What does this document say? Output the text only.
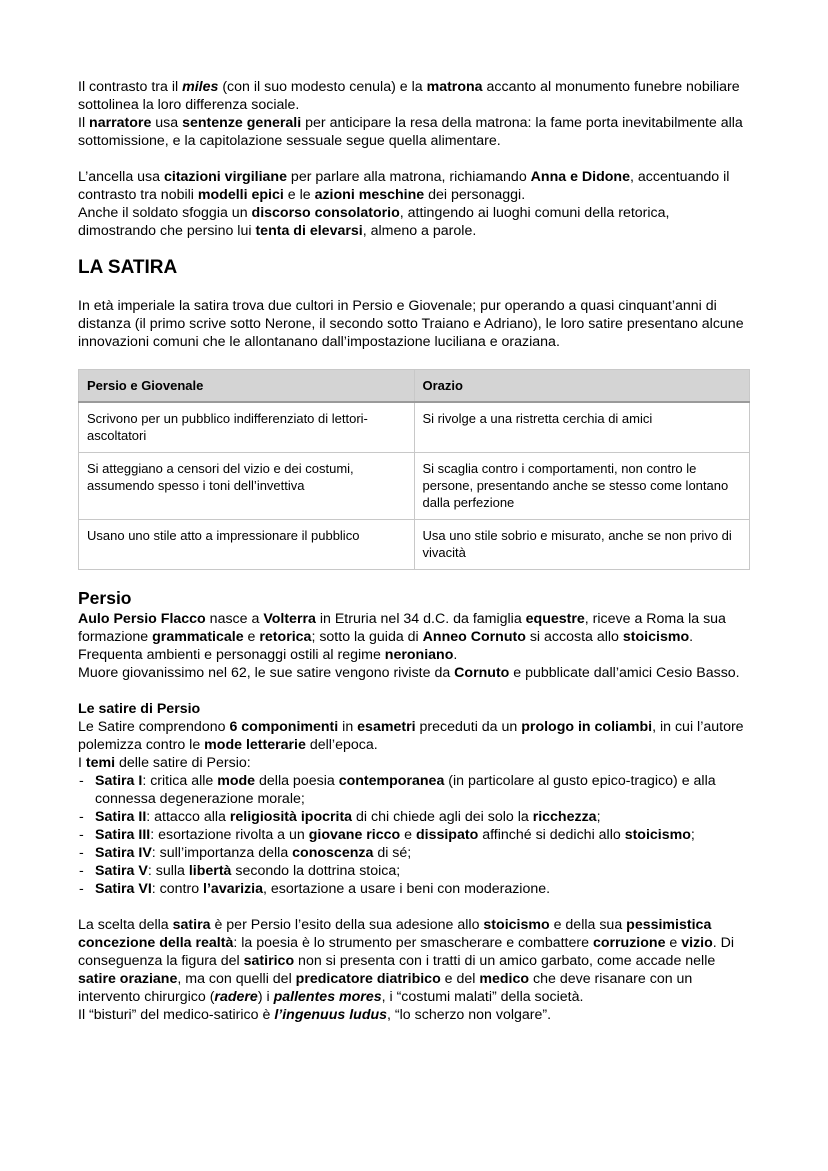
Il contrasto tra il miles (con il suo modesto cenula) e la matrona accanto al monumento funebre nobiliare sottolinea la loro differenza sociale.

Il narratore usa sentenze generali per anticipare la resa della matrona: la fame porta inevitabilmente alla sottomissione, e la capitolazione sessuale segue quella alimentare.

L’ancella usa citazioni virgiliane per parlare alla matrona, richiamando Anna e Didone, accentuando il contrasto tra nobili modelli epici e le azioni meschine dei personaggi.

Anche il soldato sfoggia un discorso consolatorio, attingendo ai luoghi comuni della retorica, dimostrando che persino lui tenta di elevarsi, almeno a parole.

LA SATIRA

In età imperiale la satira trova due cultori in Persio e Giovenale; pur operando a quasi cinquant’anni di distanza (il primo scrive sotto Nerone, il secondo sotto Traiano e Adriano), le loro satire presentano alcune innovazioni comuni che le allontanano dall’impostazione luciliana e oraziana.

Persio e Giovenale	Orazio
Scrivono per un pubblico indifferenziato di lettori-ascoltatori	Si rivolge a una ristretta cerchia di amici
Si atteggiano a censori del vizio e dei costumi, assumendo spesso i toni dell’invettiva	Si scaglia contro i comportamenti, non contro le persone, presentando anche se stesso come lontano dalla perfezione
Usano uno stile atto a impressionare il pubblico	Usa uno stile sobrio e misurato, anche se non privo di vivacità
Persio

Aulo Persio Flacco nasce a Volterra in Etruria nel 34 d.C. da famiglia equestre, riceve a Roma la sua formazione grammaticale e retorica; sotto la guida di Anneo Cornuto si accosta allo stoicismo. Frequenta ambienti e personaggi ostili al regime neroniano.

Muore giovanissimo nel 62, le sue satire vengono riviste da Cornuto e pubblicate dall’amici Cesio Basso.

Le satire di Persio

Le Satire comprendono 6 componimenti in esametri preceduti da un prologo in coliambi, in cui l’autore polemizza contro le mode letterarie dell’epoca.

I temi delle satire di Persio:

- Satira I: critica alle mode della poesia contemporanea (in particolare al gusto epico-tragico) e alla connessa degenerazione morale;
- Satira II: attacco alla religiosità ipocrita di chi chiede agli dei solo la ricchezza;
- Satira III: esortazione rivolta a un giovane ricco e dissipato affinché si dedichi allo stoicismo;
- Satira IV: sull’importanza della conoscenza di sé;
- Satira V: sulla libertà secondo la dottrina stoica;
- Satira VI: contro l’avarizia, esortazione a usare i beni con moderazione.

La scelta della satira è per Persio l’esito della sua adesione allo stoicismo e della sua pessimistica concezione della realtà: la poesia è lo strumento per smascherare e combattere corruzione e vizio. Di conseguenza la figura del satirico non si presenta con i tratti di un amico garbato, come accade nelle satire oraziane, ma con quelli del predicatore diatribico e del medico che deve risanare con un intervento chirurgico (radere) i pallentes mores, i “costumi malati” della società.

Il “bisturi” del medico-satirico è l’ingenuus ludus, “lo scherzo non volgare”.
